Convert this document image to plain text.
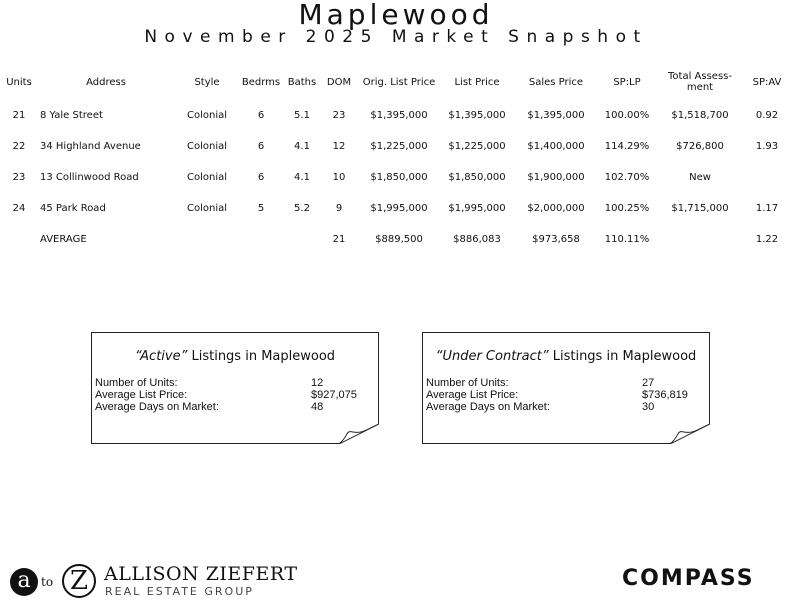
Maplewood
November 2025 Market Snapshot
Units	Address	Style	Bedrms	Baths	DOM	Orig. List Price	List Price	Sales Price	SP:LP	Total Assess-ment	SP:AV
21	8 Yale Street	Colonial	6	5.1	23	$1,395,000	$1,395,000	$1,395,000	100.00%	$1,518,700	0.92
22	34 Highland Avenue	Colonial	6	4.1	12	$1,225,000	$1,225,000	$1,400,000	114.29%	$726,800	1.93
23	13 Collinwood Road	Colonial	6	4.1	10	$1,850,000	$1,850,000	$1,900,000	102.70%	New	
24	45 Park Road	Colonial	5	5.2	9	$1,995,000	$1,995,000	$2,000,000	100.25%	$1,715,000	1.17
	AVERAGE				21	$889,500	$886,083	$973,658	110.11%		1.22
“Active” Listings in Maplewood
Number of Units:	12
Average List Price:	$927,075
Average Days on Market:	48
“Under Contract” Listings in Maplewood
Number of Units:	27
Average List Price:	$736,819
Average Days on Market:	30
a to Z ALLISON ZIEFERT
REAL ESTATE GROUP
COMPASS
